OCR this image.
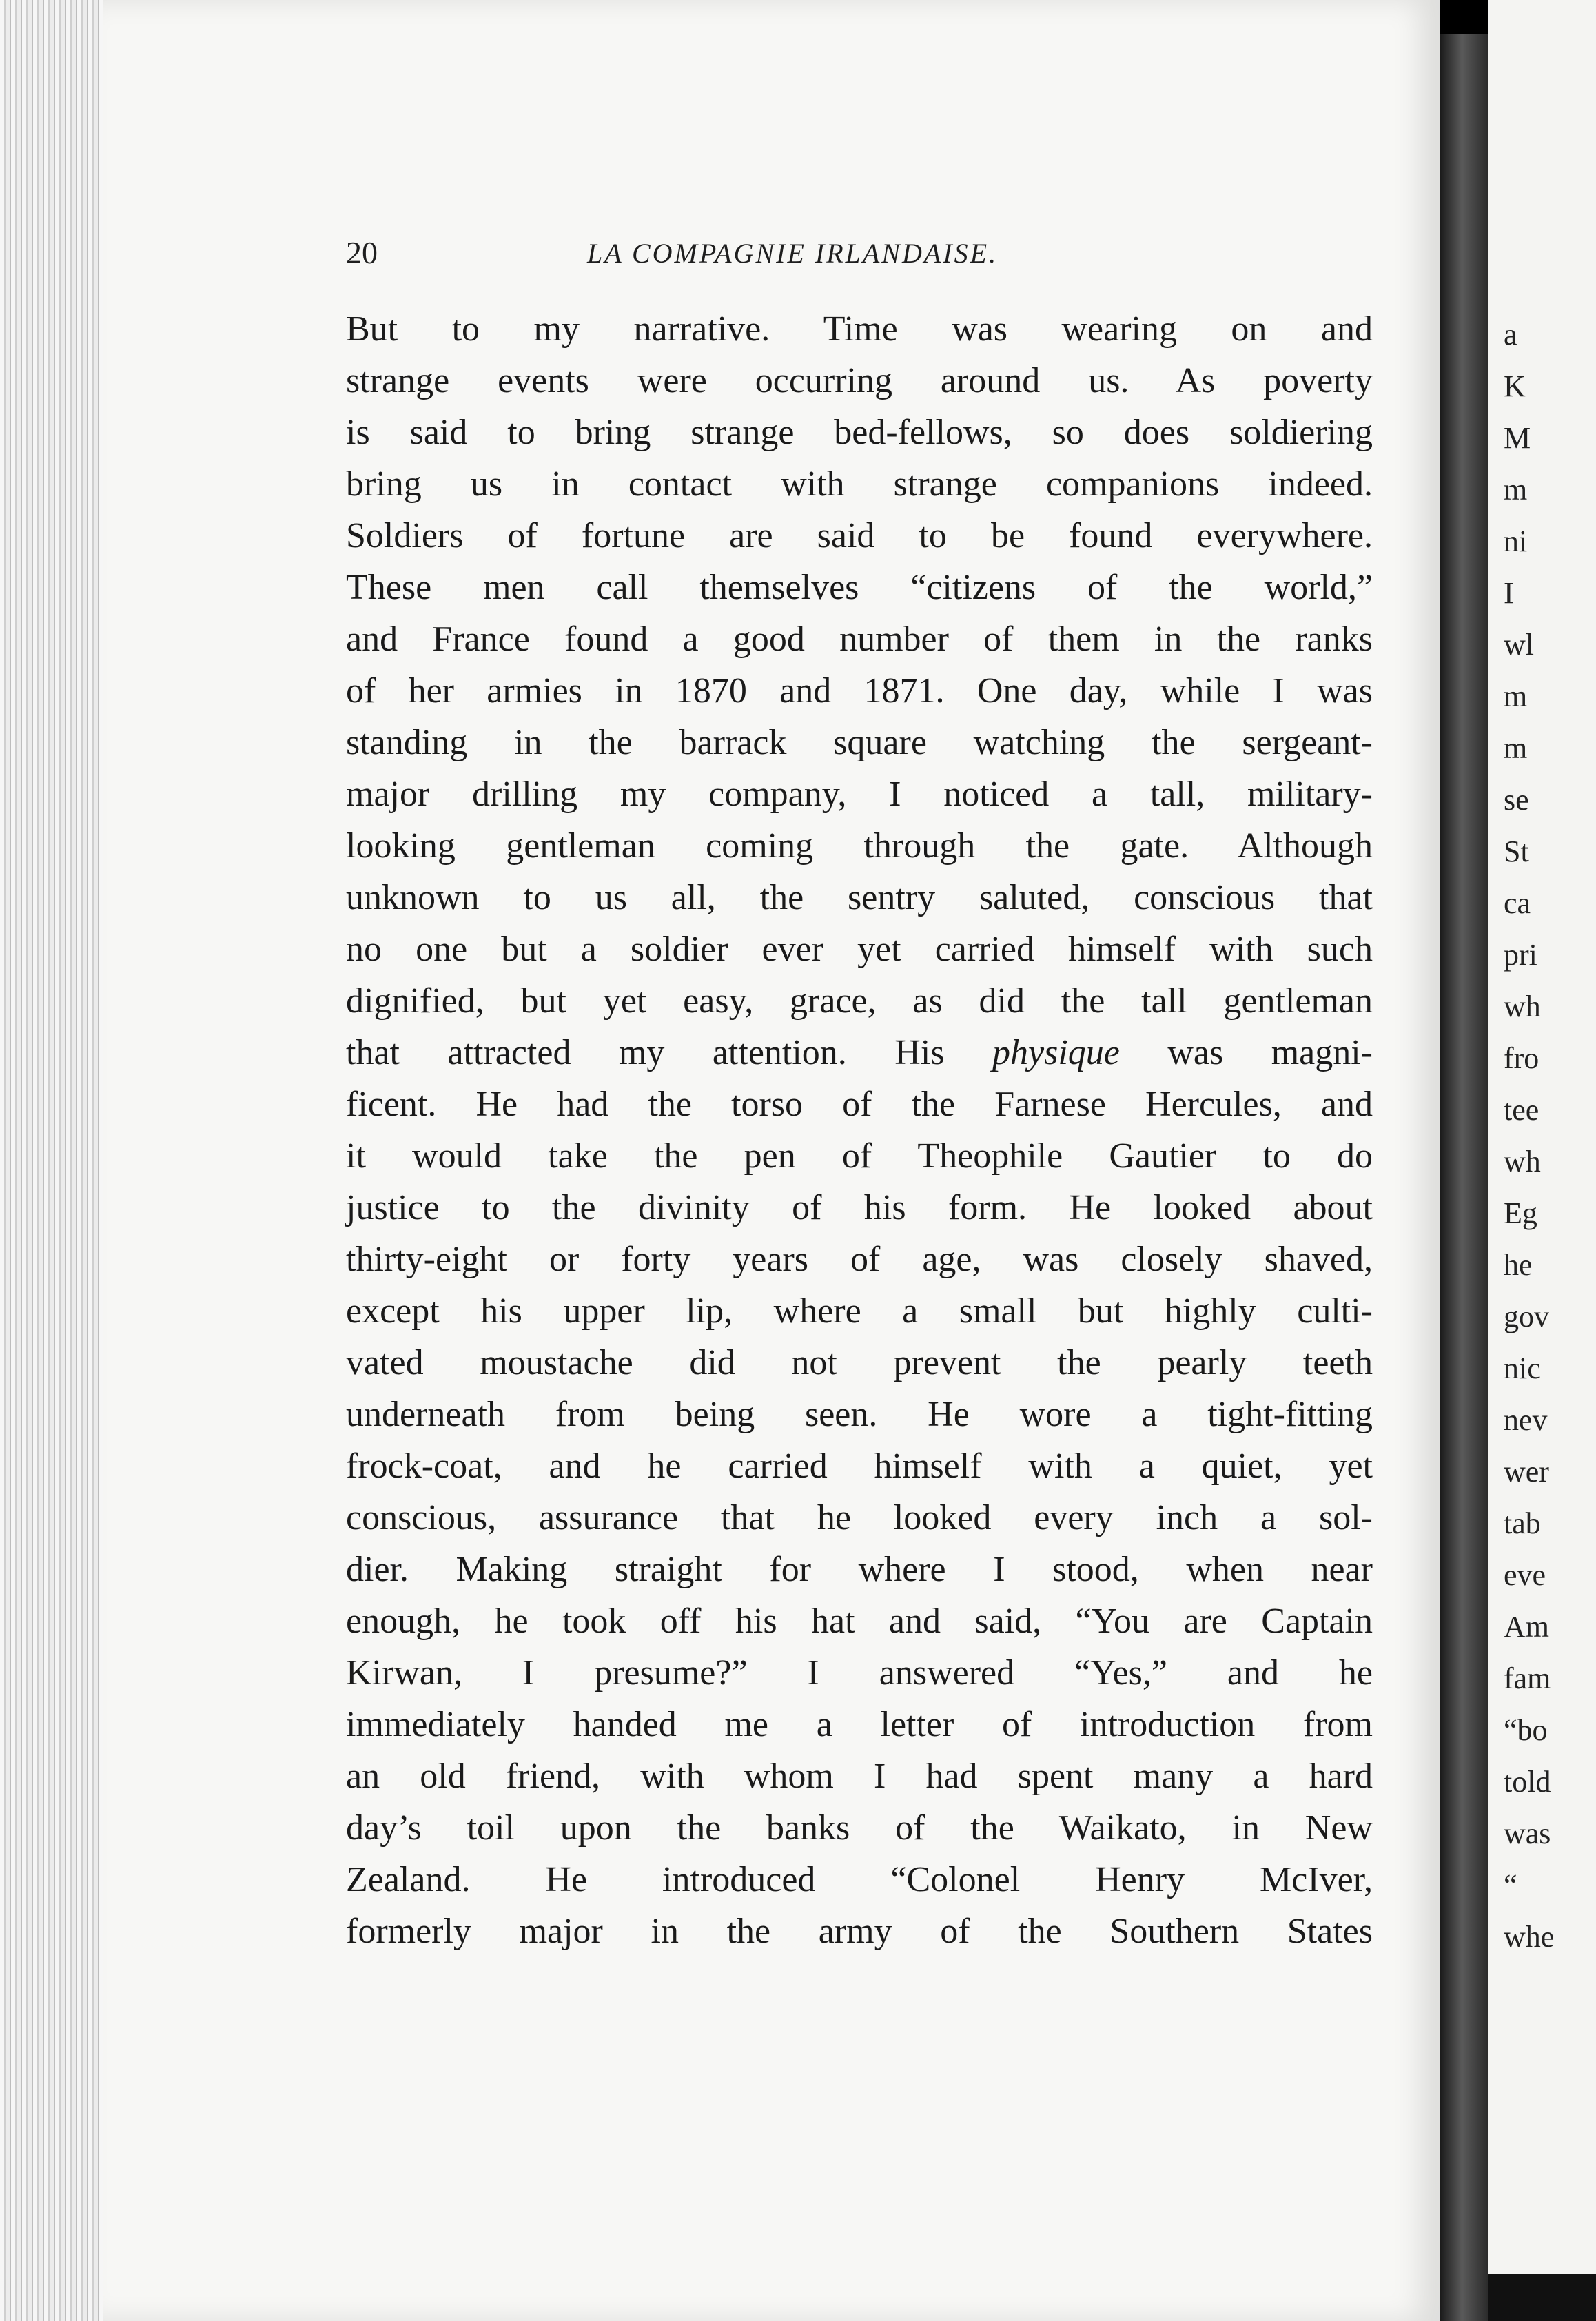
a
K
M
m
ni
I
wl
m
m
se
St
ca
pri
wh
fro
tee
wh
Eg
he
gov
nic
nev
wer
tab
eve
Am
fam
“bo
told
was
“
whe
20	LA COMPAGNIE IRLANDAISE.
But to my narrative. Time was wearing on and
strange events were occurring around us. As poverty
is said to bring strange bed-fellows, so does soldiering
bring us in contact with strange companions indeed.
Soldiers of fortune are said to be found everywhere.
These men call themselves “citizens of the world,”
and France found a good number of them in the ranks
of her armies in 1870 and 1871. One day, while I was
standing in the barrack square watching the sergeant-
major drilling my company, I noticed a tall, military-
looking gentleman coming through the gate. Although
unknown to us all, the sentry saluted, conscious that
no one but a soldier ever yet carried himself with such
dignified, but yet easy, grace, as did the tall gentleman
that attracted my attention. His physique was magni-
ficent. He had the torso of the Farnese Hercules, and
it would take the pen of Theophile Gautier to do
justice to the divinity of his form. He looked about
thirty-eight or forty years of age, was closely shaved,
except his upper lip, where a small but highly culti-
vated moustache did not prevent the pearly teeth
underneath from being seen. He wore a tight-fitting
frock-coat, and he carried himself with a quiet, yet
conscious, assurance that he looked every inch a sol-
dier. Making straight for where I stood, when near
enough, he took off his hat and said, “You are Captain
Kirwan, I presume?” I answered “Yes,” and he
immediately handed me a letter of introduction from
an old friend, with whom I had spent many a hard
day’s toil upon the banks of the Waikato, in New
Zealand. He introduced “Colonel Henry McIver,
formerly major in the army of the Southern States
